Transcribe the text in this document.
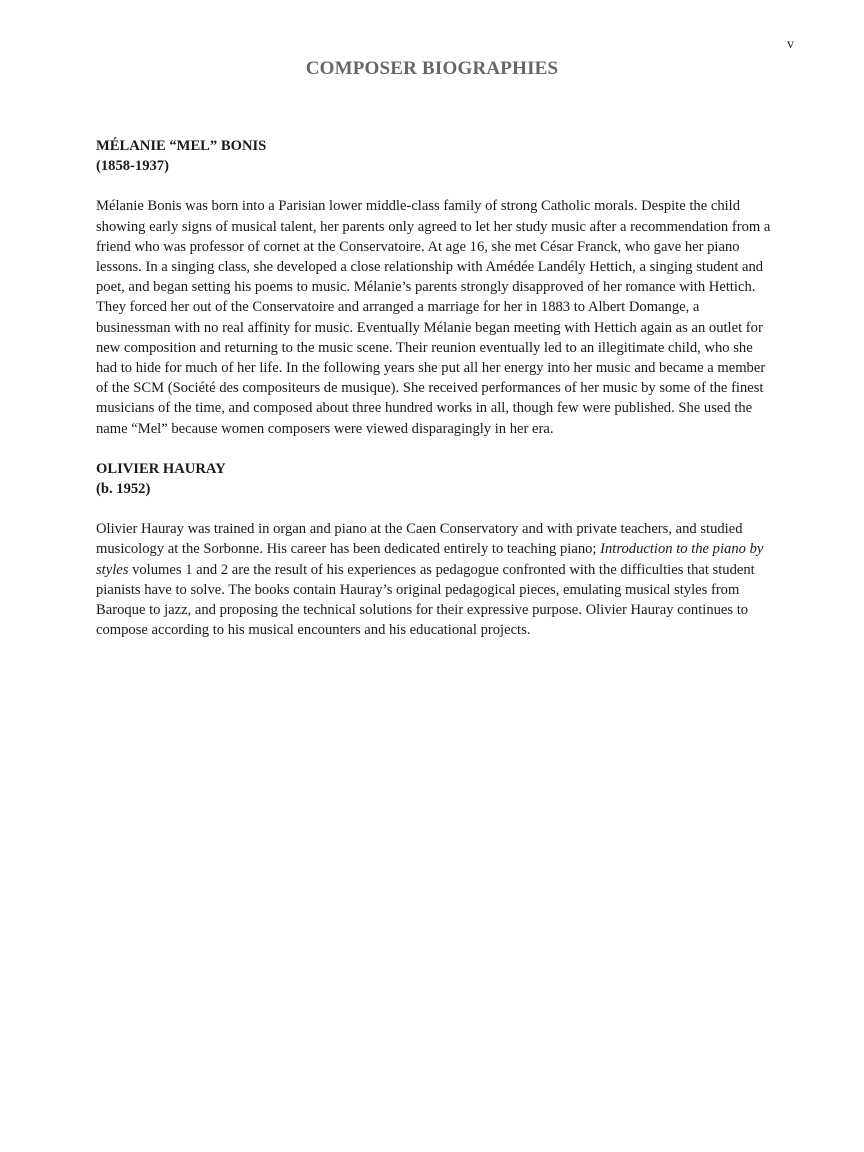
v
COMPOSER BIOGRAPHIES

MÉLANIE “MEL” BONIS

(1858-1937)

Mélanie Bonis was born into a Parisian lower middle-class family of strong Catholic morals. Despite the child showing early signs of musical talent, her parents only agreed to let her study music after a recommendation from a friend who was professor of cornet at the Conservatoire. At age 16, she met César Franck, who gave her piano lessons. In a singing class, she developed a close relationship with Amédée Landély Hettich, a singing student and poet, and began setting his poems to music. Mélanie’s parents strongly disapproved of her romance with Hettich. They forced her out of the Conservatoire and arranged a marriage for her in 1883 to Albert Domange, a businessman with no real affinity for music. Eventually Mélanie began meeting with Hettich again as an outlet for new composition and returning to the music scene. Their reunion eventually led to an illegitimate child, who she had to hide for much of her life. In the following years she put all her energy into her music and became a member of the SCM (Société des compositeurs de musique). She received performances of her music by some of the finest musicians of the time, and composed about three hundred works in all, though few were published. She used the name “Mel” because women composers were viewed disparagingly in her era.

OLIVIER HAURAY

(b. 1952)

Olivier Hauray was trained in organ and piano at the Caen Conservatory and with private teachers, and studied musicology at the Sorbonne. His career has been dedicated entirely to teaching piano; Introduction to the piano by styles volumes 1 and 2 are the result of his experiences as pedagogue confronted with the difficulties that student pianists have to solve. The books contain Hauray’s original pedagogical pieces, emulating musical styles from Baroque to jazz, and proposing the technical solutions for their expressive purpose. Olivier Hauray continues to compose according to his musical encounters and his educational projects.
